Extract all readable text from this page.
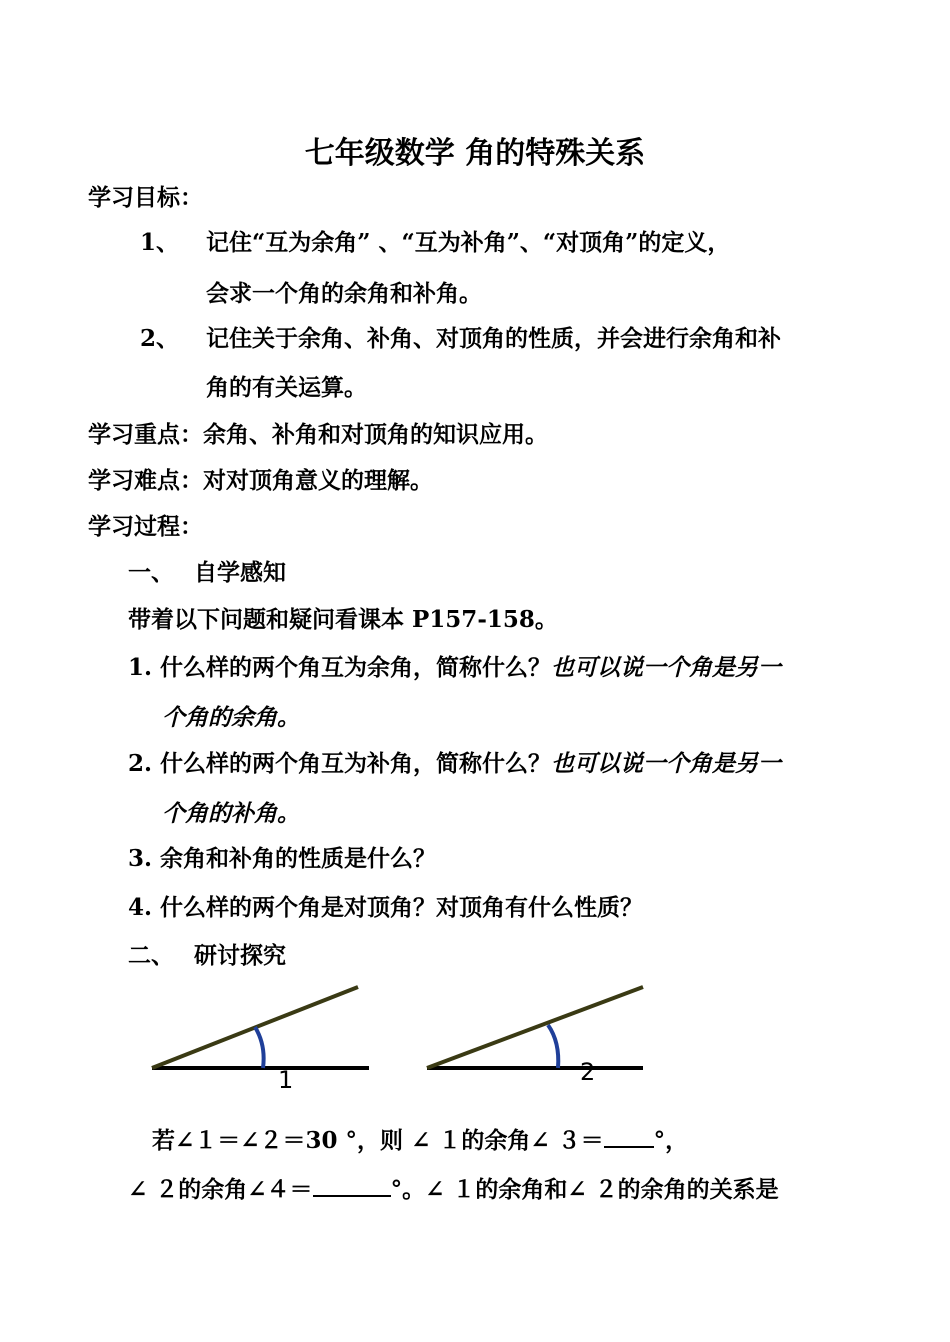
七年级数学 角的特殊关系
学习目标：
1、 记住“互为余角” 、“互为补角”、“对顶角”的定义，
会求一个角的余角和补角。
2、 记住关于余角、补角、对顶角的性质，并会进行余角和补
角的有关运算。
学习重点：余角、补角和对顶角的知识应用。
学习难点：对对顶角意义的理解。
学习过程：
一、 自学感知
带着以下问题和疑问看课本 P157-158。
1. 什么样的两个角互为余角，简称什么？也可以说一个角是另一
个角的余角。
2. 什么样的两个角互为补角，简称什么？也可以说一个角是另一
个角的补角。
3. 余角和补角的性质是什么？
4. 什么样的两个角是对顶角？对顶角有什么性质？
二、 研讨探究
1	2
若∠１＝∠２＝30 °，则 ∠ １的余角∠ ３＝ °，
∠ ２的余角∠４＝	°。∠ １的余角和∠ ２的余角的关系是
